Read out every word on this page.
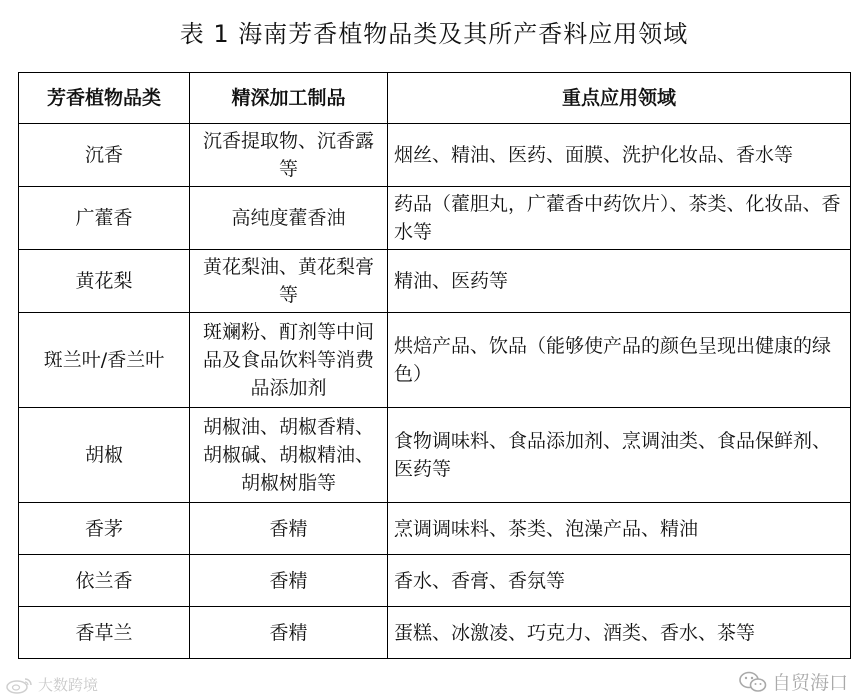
表 1 海南芳香植物品类及其所产香料应用领域
芳香植物品类	精深加工制品	重点应用领域
沉香	沉香提取物、沉香露等	烟丝、精油、医药、面膜、洗护化妆品、香水等
广藿香	高纯度藿香油	药品（藿胆丸，广藿香中药饮片）、茶类、化妆品、香水等
黄花梨	黄花梨油、黄花梨膏等	精油、医药等
斑兰叶/香兰叶	斑斓粉、酊剂等中间品及食品饮料等消费品添加剂	烘焙产品、饮品（能够使产品的颜色呈现出健康的绿色）
胡椒	胡椒油、胡椒香精、胡椒碱、胡椒精油、胡椒树脂等	食物调味料、食品添加剂、烹调油类、食品保鲜剂、医药等
香茅	香精	烹调调味料、茶类、泡澡产品、精油
依兰香	香精	香水、香膏、香氛等
香草兰	香精	蛋糕、冰激凌、巧克力、酒类、香水、茶等
大数跨境	自贸海口
